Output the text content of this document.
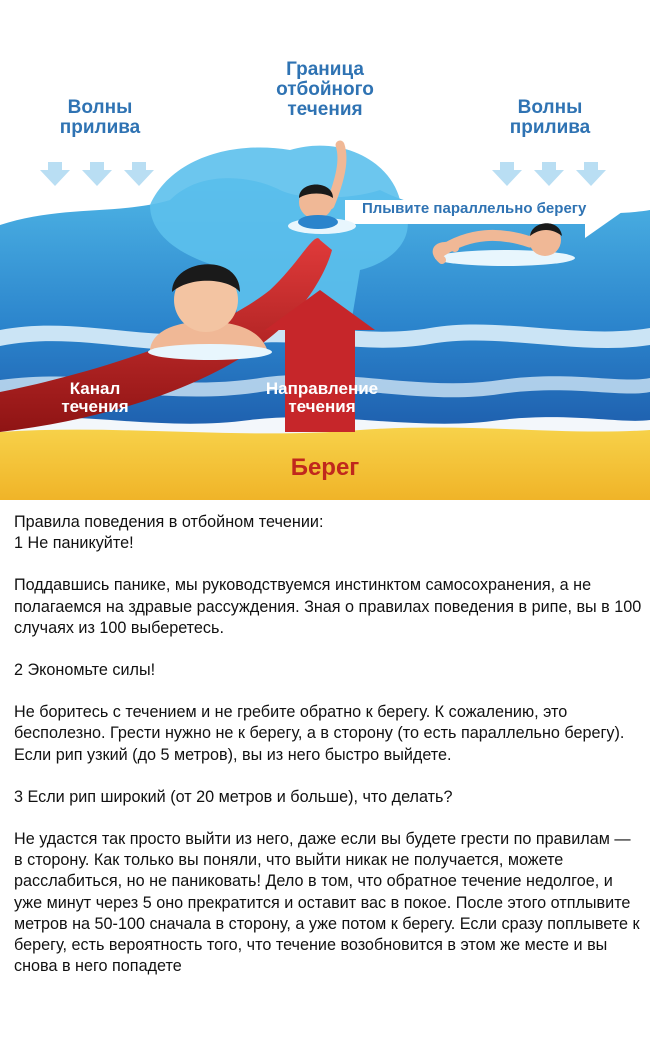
Граница
отбойного течения
Волны
прилива
Волны
прилива
Плывите параллельно берегу
Канал
течения
Направление
течения
Берег

Правила поведения в отбойном течении:

1 Не паникуйте!

Поддавшись панике, мы руководствуемся инстинктом самосохранения, а не полагаемся на здравые рассуждения. Зная о правилах поведения в рипе, вы в 100 случаях из 100 выберетесь.

2 Экономьте силы!

Не боритесь с течением и не гребите обратно к берегу. К сожалению, это бесполезно. Грести нужно не к берегу, а в сторону (то есть параллельно берегу). Если рип узкий (до 5 метров), вы из него быстро выйдете.

3 Если рип широкий (от 20 метров и больше), что делать?

Не удастся так просто выйти из него, даже если вы будете грести по правилам — в сторону. Как только вы поняли, что выйти никак не получается, можете расслабиться, но не паниковать! Дело в том, что обратное течение недолгое, и уже минут через 5 оно прекратится и оставит вас в покое. После этого отплывите метров на 50-100 сначала в сторону, а уже потом к берегу. Если сразу поплывете к берегу, есть вероятность того, что течение возобновится в этом же месте и вы снова в него попадете
